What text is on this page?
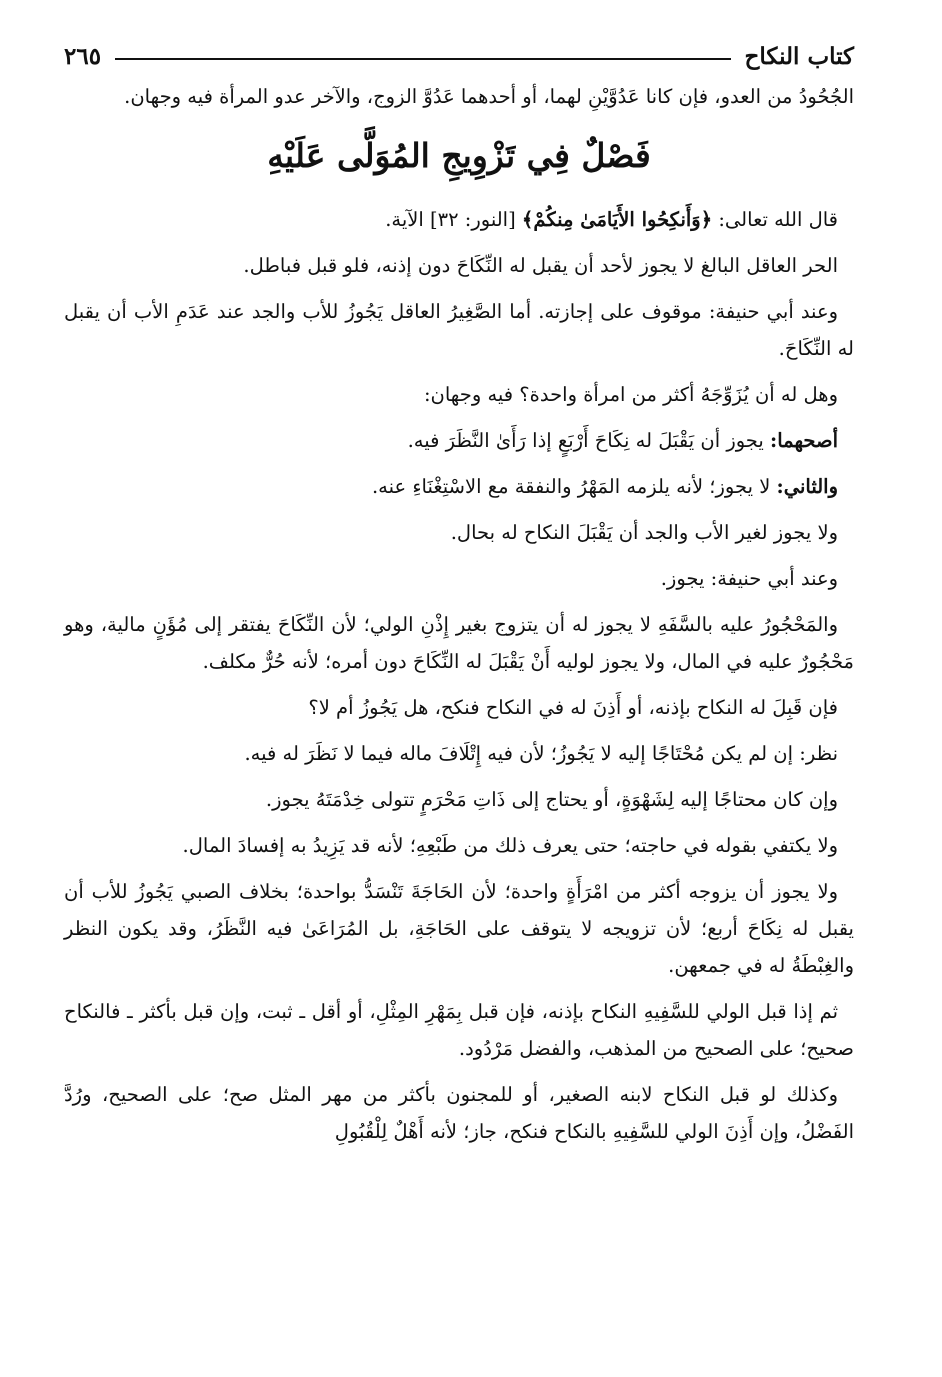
كتاب النكاح
٢٦٥

الجُحُودُ من العدو، فإن كانا عَدُوَّيْنِ لهما، أو أحدهما عَدُوَّ الزوج، والآخر عدو المرأة فيه وجهان.

فَصْلٌ فِي تَزْوِيجِ المُوَلَّى عَلَيْهِ

قال الله تعالى: ﴿وَأَنكِحُوا الأَيَامَىٰ مِنكُمْ﴾ [النور: ٣٢] الآية.

الحر العاقل البالغ لا يجوز لأحد أن يقبل له النِّكَاحَ دون إذنه، فلو قبل فباطل.

وعند أبي حنيفة: موقوف على إجازته. أما الصَّغِيرُ العاقل يَجُوزُ للأب والجد عند عَدَمِ الأب أن يقبل له النِّكَاحَ.

وهل له أن يُزَوِّجَهُ أكثر من امرأة واحدة؟ فيه وجهان:

أصحهما: يجوز أن يَقْبَلَ له نِكَاحَ أَرْبَعٍ إذا رَأَىٰ النَّظَرَ فيه.

والثاني: لا يجوز؛ لأنه يلزمه المَهْرُ والنفقة مع الاسْتِغْنَاءِ عنه.

ولا يجوز لغير الأب والجد أن يَقْبَلَ النكاح له بحال.

وعند أبي حنيفة: يجوز.

والمَحْجُورُ عليه بالسَّفَهِ لا يجوز له أن يتزوج بغير إِذْنِ الولي؛ لأن النِّكَاحَ يفتقر إلى مُؤَنٍ مالية، وهو مَحْجُورٌ عليه في المال، ولا يجوز لوليه أَنْ يَقْبَلَ له النِّكَاحَ دون أمره؛ لأنه حُرٌّ مكلف.

فإن قَبِلَ له النكاح بإذنه، أو أَذِنَ له في النكاح فنكح، هل يَجُوزُ أم لا؟

نظر: إن لم يكن مُحْتَاجًا إليه لا يَجُوزُ؛ لأن فيه إِتْلَافَ ماله فيما لا نَظَرَ له فيه.

وإن كان محتاجًا إليه لِشَهْوَةٍ، أو يحتاج إلى ذَاتِ مَحْرَمٍ تتولى خِدْمَتَهُ يجوز.

ولا يكتفي بقوله في حاجته؛ حتى يعرف ذلك من طَبْعِهِ؛ لأنه قد يَزِيدُ به إفسادَ المال.

ولا يجوز أن يزوجه أكثر من امْرَأَةٍ واحدة؛ لأن الحَاجَةَ تَنْسَدُّ بواحدة؛ بخلاف الصبي يَجُوزُ للأب أن يقبل له نِكَاحَ أربع؛ لأن تزويجه لا يتوقف على الحَاجَةِ، بل المُرَاعَىٰ فيه النَّظَرُ، وقد يكون النظر والغِبْطَةُ له في جمعهن.

ثم إذا قبل الولي للسَّفِيهِ النكاح بإذنه، فإن قبل بِمَهْرِ المِثْلِ، أو أقل ـ ثبت، وإن قبل بأكثر ـ فالنكاح صحيح؛ على الصحيح من المذهب، والفضل مَرْدُود.

وكذلك لو قبل النكاح لابنه الصغير، أو للمجنون بأكثر من مهر المثل صح؛ على الصحيح، ورُدَّ الفَضْلُ، وإن أَذِنَ الولي للسَّفِيهِ بالنكاح فنكح، جاز؛ لأنه أَهْلٌ لِلْقُبُولِ
